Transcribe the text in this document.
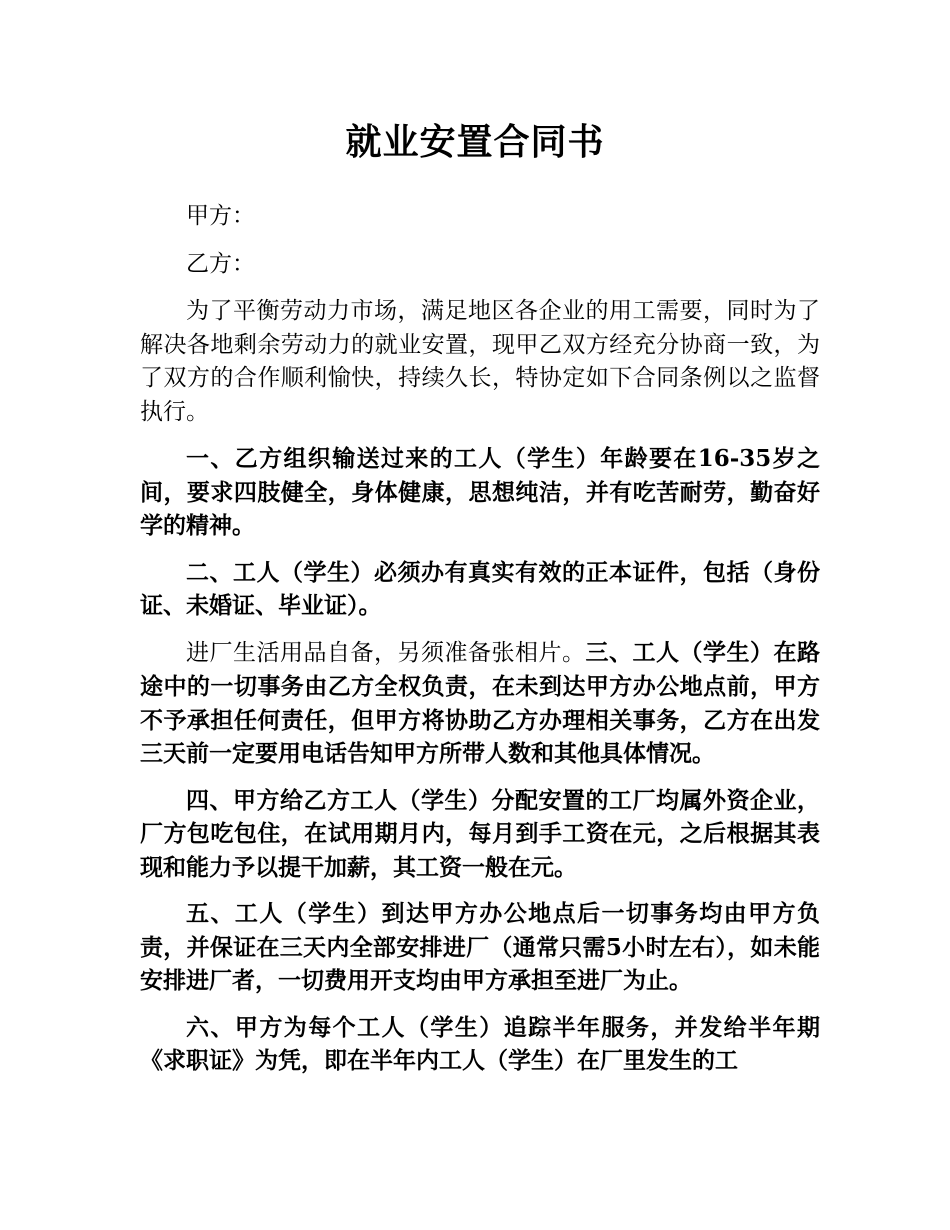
就业安置合同书

甲方：

乙方：

为了平衡劳动力市场，满足地区各企业的用工需要，同时为了解决各地剩余劳动力的就业安置，现甲乙双方经充分协商一致，为了双方的合作顺利愉快，持续久长，特协定如下合同条例以之监督执行。

一、乙方组织输送过来的工人（学生）年龄要在16-35岁之间，要求四肢健全，身体健康，思想纯洁，并有吃苦耐劳，勤奋好学的精神。

二、工人（学生）必须办有真实有效的正本证件，包括（身份证、未婚证、毕业证）。

进厂生活用品自备，另须准备张相片。三、工人（学生）在路途中的一切事务由乙方全权负责，在未到达甲方办公地点前，甲方不予承担任何责任，但甲方将协助乙方办理相关事务，乙方在出发三天前一定要用电话告知甲方所带人数和其他具体情况。

四、甲方给乙方工人（学生）分配安置的工厂均属外资企业，厂方包吃包住，在试用期月内，每月到手工资在元，之后根据其表现和能力予以提干加薪，其工资一般在元。

五、工人（学生）到达甲方办公地点后一切事务均由甲方负责，并保证在三天内全部安排进厂（通常只需5小时左右），如未能安排进厂者，一切费用开支均由甲方承担至进厂为止。

六、甲方为每个工人（学生）追踪半年服务，并发给半年期《求职证》为凭，即在半年内工人（学生）在厂里发生的工
